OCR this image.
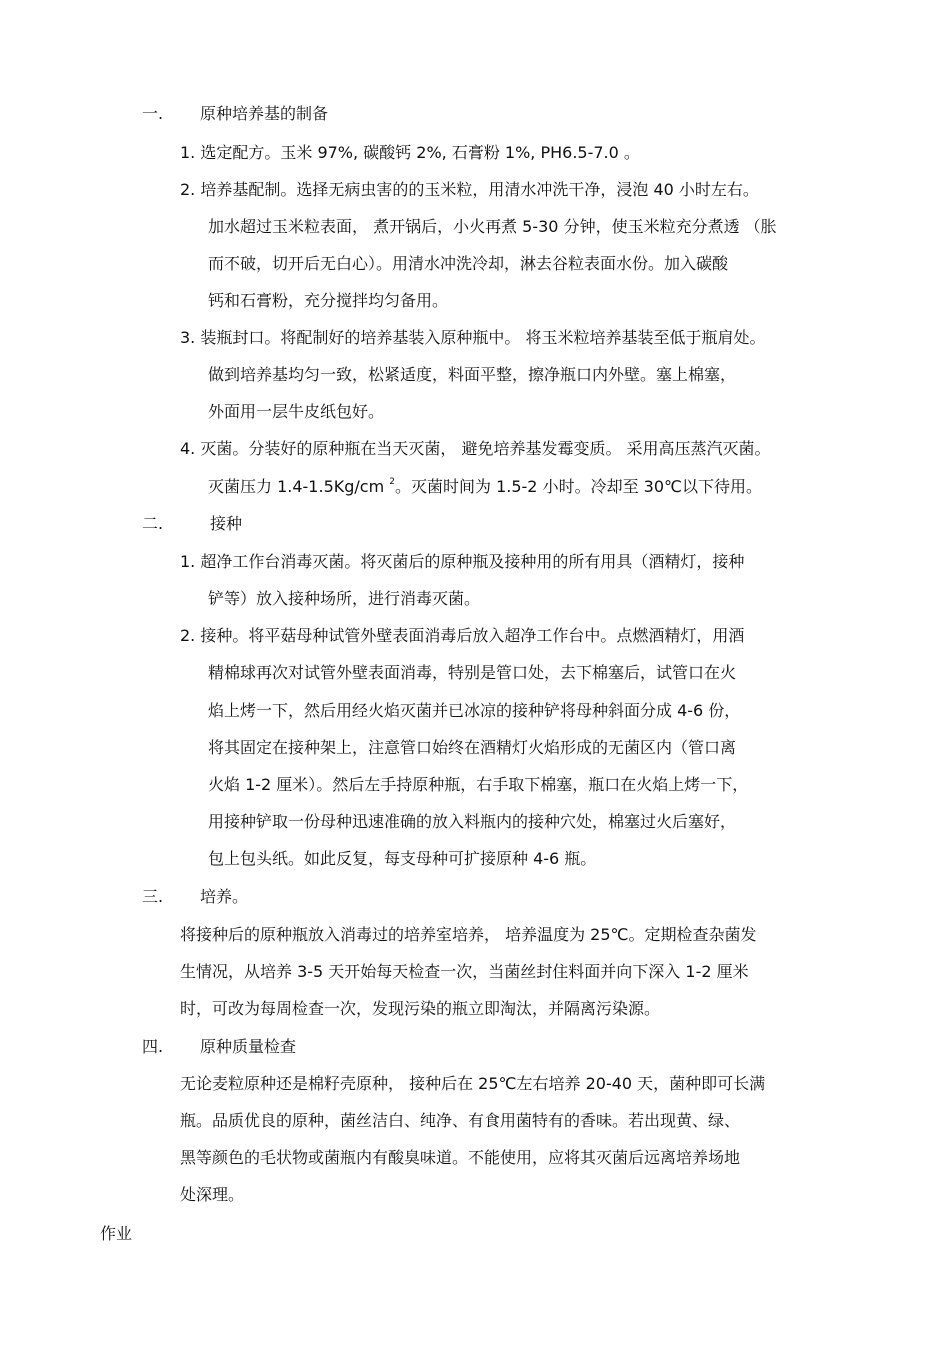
一. 原种培养基的制备
1. 选定配方。玉米 97%, 碳酸钙 2%, 石膏粉 1%, PH6.5-7.0 。
2. 培养基配制。选择无病虫害的的玉米粒，用清水冲洗干净，浸泡 40 小时左右。
加水超过玉米粒表面， 煮开锅后，小火再煮 5-30 分钟，使玉米粒充分煮透 （胀
而不破，切开后无白心）。用清水冲洗冷却，淋去谷粒表面水份。加入碳酸
钙和石膏粉，充分搅拌均匀备用。
3. 装瓶封口。将配制好的培养基装入原种瓶中。 将玉米粒培养基装至低于瓶肩处。
做到培养基均匀一致，松紧适度，料面平整，擦净瓶口内外壁。塞上棉塞，
外面用一层牛皮纸包好。
4. 灭菌。分装好的原种瓶在当天灭菌， 避免培养基发霉变质。 采用高压蒸汽灭菌。
灭菌压力 1.4-1.5Kg/cm $^2$。灭菌时间为 1.5-2 小时。冷却至 30℃以下待用。
二.	接种
1. 超净工作台消毒灭菌。将灭菌后的原种瓶及接种用的所有用具（酒精灯，接种
铲等）放入接种场所，进行消毒灭菌。
2. 接种。将平菇母种试管外壁表面消毒后放入超净工作台中。点燃酒精灯，用酒
精棉球再次对试管外壁表面消毒，特别是管口处，去下棉塞后，试管口在火
焰上烤一下，然后用经火焰灭菌并已冰凉的接种铲将母种斜面分成 4-6 份，
将其固定在接种架上，注意管口始终在酒精灯火焰形成的无菌区内（管口离
火焰 1-2 厘米）。然后左手持原种瓶，右手取下棉塞，瓶口在火焰上烤一下，
用接种铲取一份母种迅速准确的放入料瓶内的接种穴处，棉塞过火后塞好，
包上包头纸。如此反复，每支母种可扩接原种 4-6 瓶。
三. 培养。
将接种后的原种瓶放入消毒过的培养室培养， 培养温度为 25℃。定期检查杂菌发
生情况，从培养 3-5 天开始每天检查一次，当菌丝封住料面并向下深入 1-2 厘米
时，可改为每周检查一次，发现污染的瓶立即淘汰，并隔离污染源。
四. 原种质量检查
无论麦粒原种还是棉籽壳原种， 接种后在 25℃左右培养 20-40 天，菌种即可长满
瓶。品质优良的原种，菌丝洁白、纯净、有食用菌特有的香味。若出现黄、绿、
黑等颜色的毛状物或菌瓶内有酸臭味道。不能使用，应将其灭菌后远离培养场地
处深理。
作业
